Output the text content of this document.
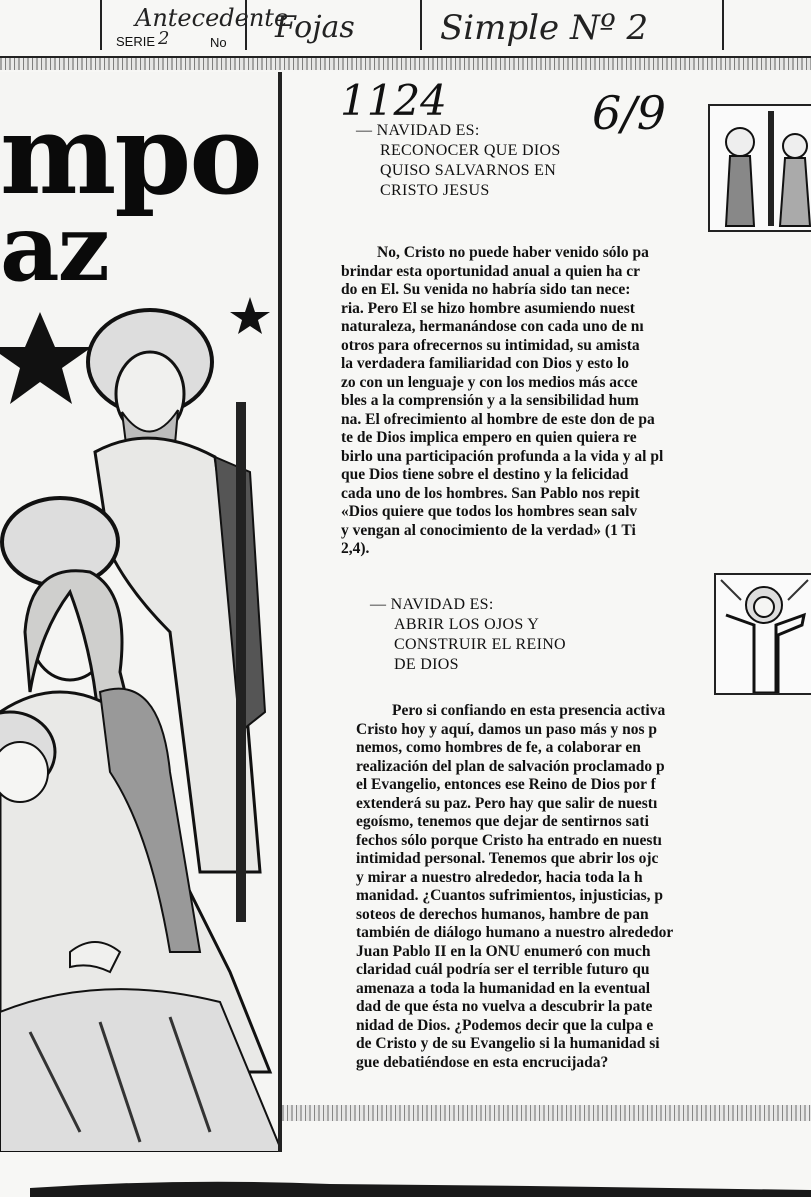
Antecedente
Fojas	Simple Nº 2
SERIE 2	No
mpo
az
1124	6/9
— NAVIDAD ES:
RECONOCER QUE DIOS
QUISO SALVARNOS EN
CRISTO JESUS
No, Cristo no puede haber venido sólo pa
brindar esta oportunidad anual a quien ha cr
do en El. Su venida no habría sido tan nece:
ria. Pero El se hizo hombre asumiendo nuest
naturaleza, hermanándose con cada uno de nı
otros para ofrecernos su intimidad, su amista
la verdadera familiaridad con Dios y esto lo
zo con un lenguaje y con los medios más acce
bles a la comprensión y a la sensibilidad hum
na. El ofrecimiento al hombre de este don de pa
te de Dios implica empero en quien quiera re
birlo una participación profunda a la vida y al pl
que Dios tiene sobre el destino y la felicidad
cada uno de los hombres. San Pablo nos repit
«Dios quiere que todos los hombres sean salv
y vengan al conocimiento de la verdad» (1 Ti
2,4).
— NAVIDAD ES:
ABRIR LOS OJOS Y
CONSTRUIR EL REINO
DE DIOS
Pero si confiando en esta presencia activa
Cristo hoy y aquí, damos un paso más y nos p
nemos, como hombres de fe, a colaborar en
realización del plan de salvación proclamado p
el Evangelio, entonces ese Reino de Dios por f
extenderá su paz. Pero hay que salir de nuestı
egoísmo, tenemos que dejar de sentirnos sati
fechos sólo porque Cristo ha entrado en nuestı
intimidad personal. Tenemos que abrir los ojc
y mirar a nuestro alrededor, hacia toda la h
manidad. ¿Cuantos sufrimientos, injusticias, p
soteos de derechos humanos, hambre de pan
también de diálogo humano a nuestro alrededor
Juan Pablo II en la ONU enumeró con much
claridad cuál podría ser el terrible futuro qu
amenaza a toda la humanidad en la eventual
dad de que ésta no vuelva a descubrir la pate
nidad de Dios. ¿Podemos decir que la culpa e
de Cristo y de su Evangelio si la humanidad si
gue debatiéndose en esta encrucijada?
